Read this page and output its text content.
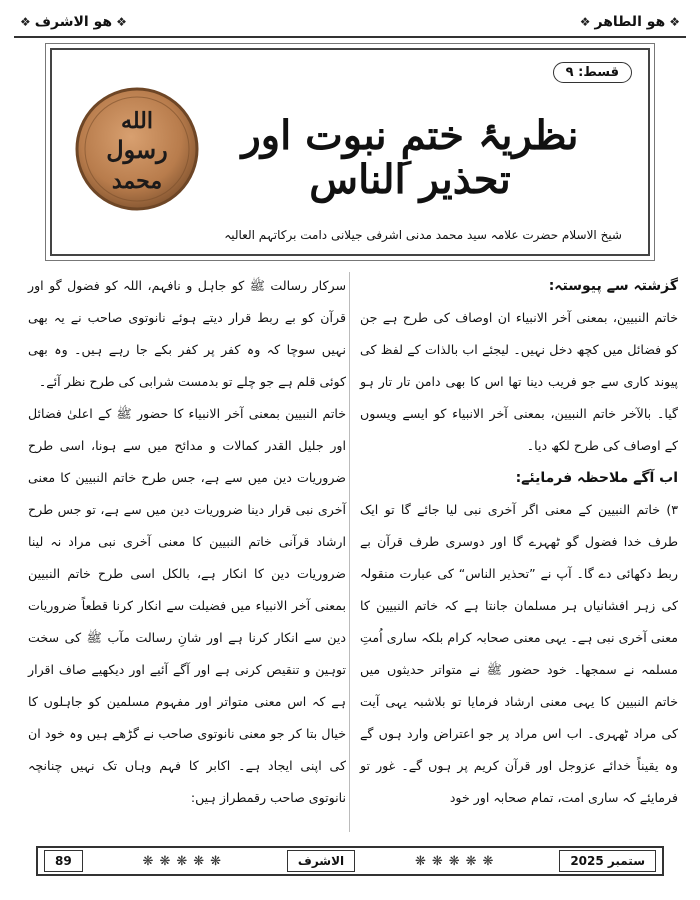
❖
ھو الاشرف
❖	❖
ھو الطاھر
❖
قسط: ۹
نظریۂ ختمِ نبوت اور تحذیر الناس
شیخ الاسلام حضرت علامہ سید محمد مدنی اشرفی جیلانی دامت برکاتہم العالیہ
الله
رسول
محمد

گزشتہ سے پیوستہ:

خاتم النبیین، بمعنی آخر الانبیاء ان اوصاف کی طرح ہے جن کو فضائل میں کچھ دخل نہیں۔ لیجئے اب بالذات کے لفظ کی پیوند کاری سے جو فریب دینا تھا اس کا بھی دامن تار تار ہو گیا۔ بالآخر خاتم النبیین، بمعنی آخر الانبیاء کو ایسے ویسوں کے اوصاف کی طرح لکھ دیا۔

اب آگے ملاحظہ فرمایئے:

۳) خاتم النبیین کے معنی اگر آخری نبی لیا جائے گا تو ایک طرف خدا فضول گو ٹھہرے گا اور دوسری طرف قرآن بے ربط دکھائی دے گا۔ آپ نے ”تحذیر الناس“ کی عبارت منقولہ کی زہر افشانیاں ہر مسلمان جانتا ہے کہ خاتم النبیین کا معنی آخری نبی ہے۔ یہی معنی صحابہ کرام بلکہ ساری اُمتِ مسلمہ نے سمجھا۔ خود حضور ﷺ نے متواتر حدیثوں میں خاتم النبیین کا یہی معنی ارشاد فرمایا تو بلاشبہ یہی آیت کی مراد ٹھہری۔ اب اس مراد پر جو اعتراض وارد ہوں گے وہ یقیناً خدائے عزوجل اور قرآن کریم پر ہوں گے۔ غور تو فرمایئے کہ ساری امت، تمام صحابہ اور خود

سرکار رسالت ﷺ کو جاہل و نافہم، اللہ کو فضول گو اور قرآن کو بے ربط قرار دیتے ہوئے نانوتوی صاحب نے یہ بھی نہیں سوچا کہ وہ کفر پر کفر بکے جا رہے ہیں۔ وہ بھی کوئی قلم ہے جو چلے تو بدمست شرابی کی طرح نظر آئے۔

خاتم النبیین بمعنی آخر الانبیاء کا حضور ﷺ کے اعلیٰ فضائل اور جلیل القدر کمالات و مدائح میں سے ہونا، اسی طرح ضروریات دین میں سے ہے، جس طرح خاتم النبیین کا معنی آخری نبی قرار دینا ضروریات دین میں سے ہے، تو جس طرح ارشاد قرآنی خاتم النبیین کا معنی آخری نبی مراد نہ لینا ضروریات دین کا انکار ہے، بالکل اسی طرح خاتم النبیین بمعنی آخر الانبیاء میں فضیلت سے انکار کرنا قطعاً ضروریات دین سے انکار کرنا ہے اور شانِ رسالت مآب ﷺ کی سخت توہین و تنقیص کرنی ہے اور آگے آئیے اور دیکھیے صاف اقرار ہے کہ اس معنی متواتر اور مفہوم مسلمین کو جاہلوں کا خیال بتا کر جو معنی نانوتوی صاحب نے گڑھے ہیں وہ خود ان کی اپنی ایجاد ہے۔ اکابر کا فہم وہاں تک نہیں چنانچہ نانوتوی صاحب رقمطراز ہیں:

89	❋❋❋❋❋	الاشرف	❋❋❋❋❋	ستمبر 2025
